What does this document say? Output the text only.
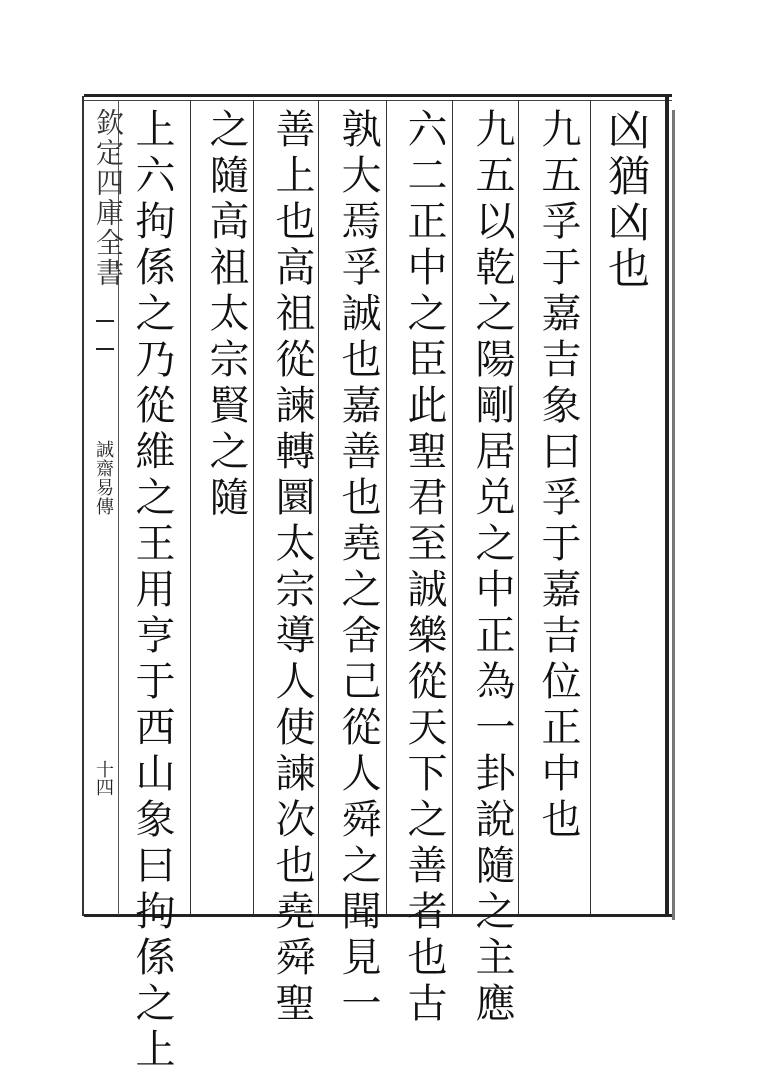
欽定四庫全書
誠齋易傳
十四
凶猶凶也
九五孚于嘉吉象曰孚于嘉吉位正中也
九五以乾之陽剛居兑之中正為一卦說隨之主應
六二正中之臣此聖君至誠樂從天下之善者也古
孰大焉孚誠也嘉善也堯之舍己從人舜之聞見一
善上也高祖從諫轉圜太宗導人使諫次也堯舜聖
之隨高祖太宗賢之隨
上六拘係之乃從維之王用亨于西山象曰拘係之上
